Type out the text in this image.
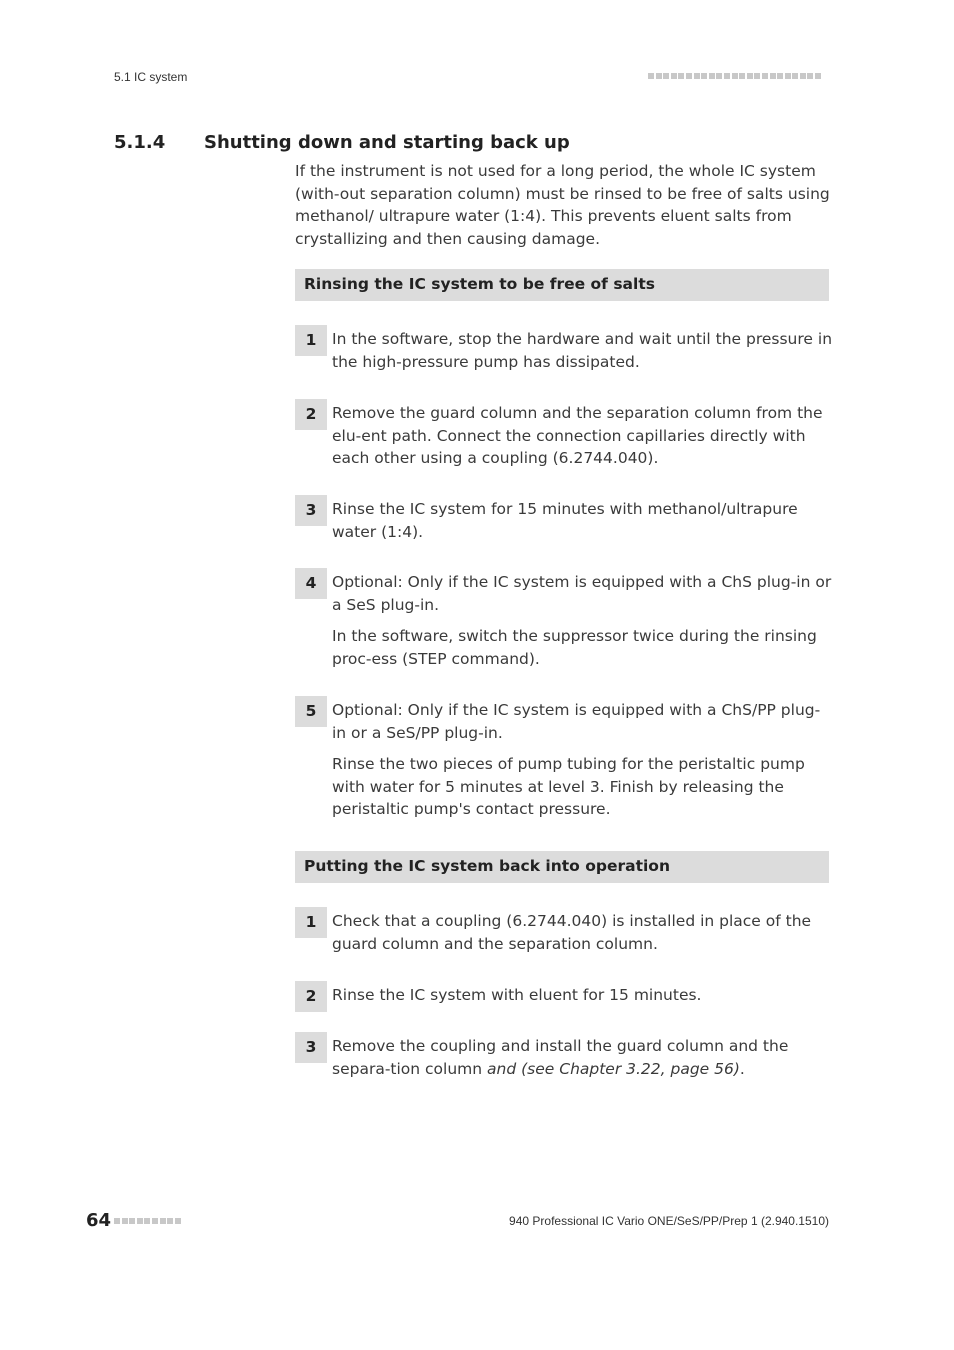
5.1 IC system
5.1.4 Shutting down and starting back up
If the instrument is not used for a long period, the whole IC system (with-out separation column) must be rinsed to be free of salts using methanol/ ultrapure water (1:4). This prevents eluent salts from crystallizing and then causing damage.
Rinsing the IC system to be free of salts
1	In the software, stop the hardware and wait until the pressure in the high-pressure pump has dissipated.

2	Remove the guard column and the separation column from the elu-ent path. Connect the connection capillaries directly with each other using a coupling (6.2744.040).

3	Rinse the IC system for 15 minutes with methanol/ultrapure water (1:4).

4	Optional: Only if the IC system is equipped with a ChS plug-in or a SeS plug-in.

In the software, switch the suppressor twice during the rinsing proc-ess (STEP command).

5	Optional: Only if the IC system is equipped with a ChS/PP plug-in or a SeS/PP plug-in.

Rinse the two pieces of pump tubing for the peristaltic pump with water for 5 minutes at level 3. Finish by releasing the peristaltic pump's contact pressure.

Putting the IC system back into operation
1	Check that a coupling (6.2744.040) is installed in place of the guard column and the separation column.

2	Rinse the IC system with eluent for 15 minutes.

3	Remove the coupling and install the guard column and the separa-tion column and (see Chapter 3.22, page 56).

64	940 Professional IC Vario ONE/SeS/PP/Prep 1 (2.940.1510)
